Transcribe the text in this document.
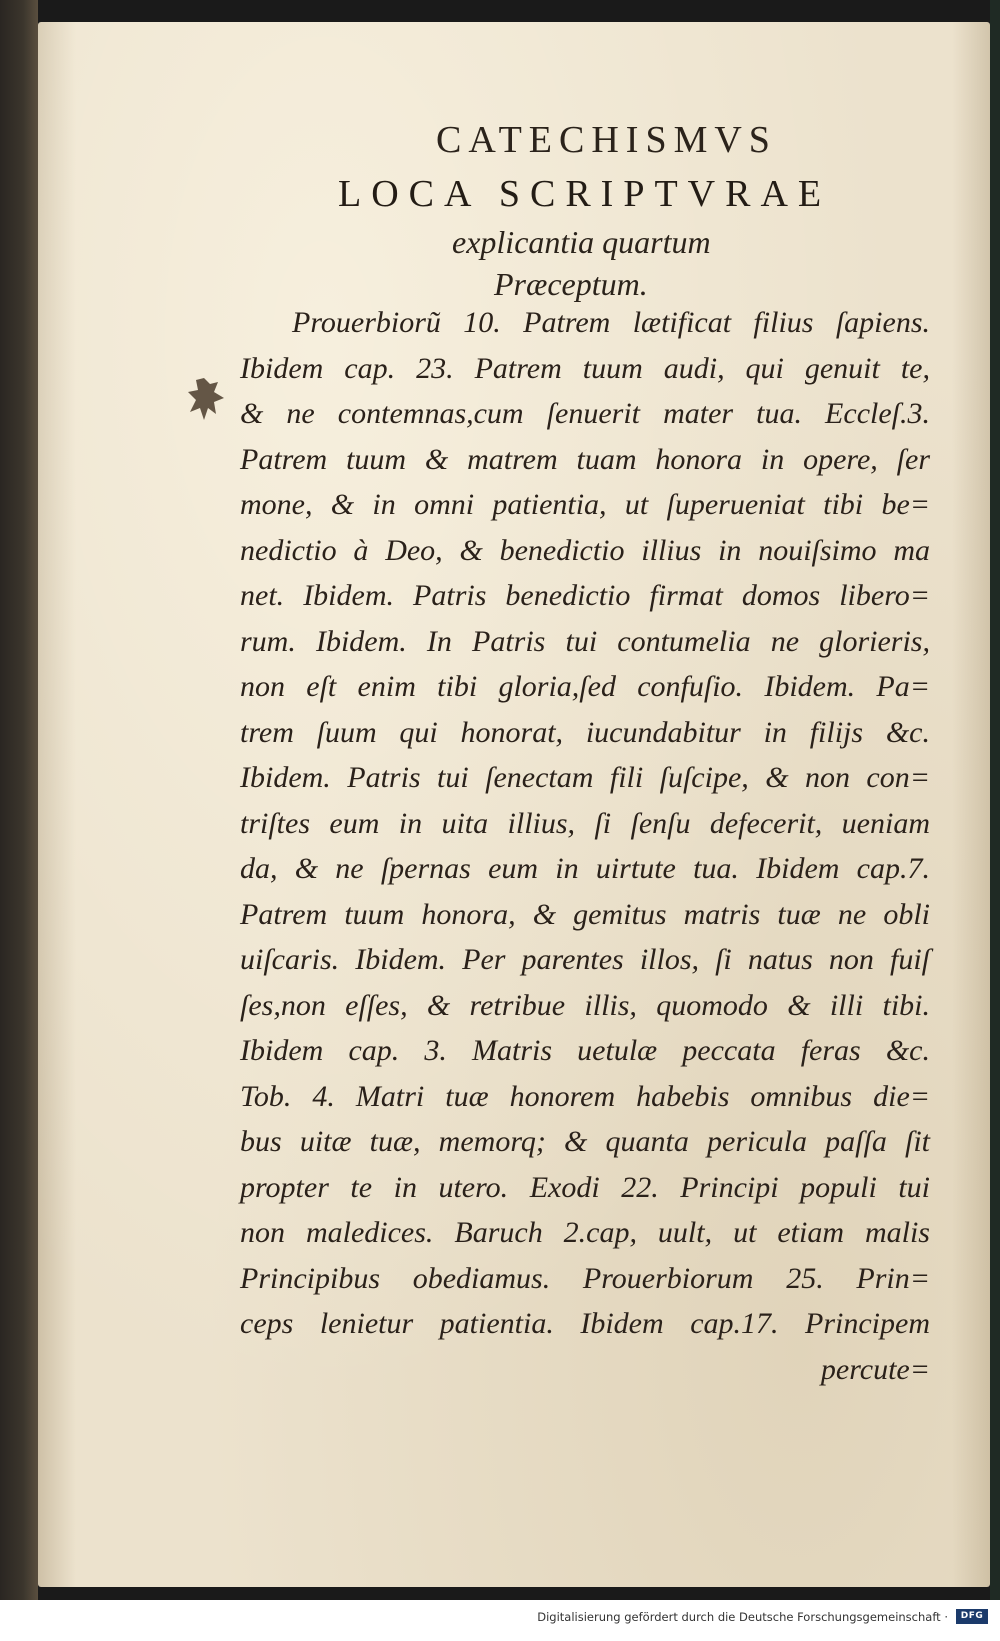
CATECHISMVS
LOCA SCRIPTVRAE
explicantia quartum
Præceptum.
Prouerbiorũ 10. Patrem lætificat filius ſapiens.
Ibidem cap. 23. Patrem tuum audi, qui genuit te,
& ne contemnas,cum ſenuerit mater tua. Eccleſ.3.
Patrem tuum & matrem tuam honora in opere, ſer
mone, & in omni patientia, ut ſuperueniat tibi be=
nedictio à Deo, & benedictio illius in nouiſsimo ma
net. Ibidem. Patris benedictio firmat domos libero=
rum. Ibidem. In Patris tui contumelia ne glorieris,
non eſt enim tibi gloria,ſed confuſio. Ibidem. Pa=
trem ſuum qui honorat, iucundabitur in filijs &c.
Ibidem. Patris tui ſenectam fili ſuſcipe, & non con=
triſtes eum in uita illius, ſi ſenſu defecerit, ueniam
da, & ne ſpernas eum in uirtute tua. Ibidem cap.7.
Patrem tuum honora, & gemitus matris tuæ ne obli
uiſcaris. Ibidem. Per parentes illos, ſi natus non fuiſ
ſes,non eſſes, & retribue illis, quomodo & illi tibi.
Ibidem cap. 3. Matris uetulæ peccata feras &c.
Tob. 4. Matri tuæ honorem habebis omnibus die=
bus uitæ tuæ, memorq; & quanta pericula paſſa ſit
propter te in utero. Exodi 22. Principi populi tui
non maledices. Baruch 2.cap, uult, ut etiam malis
Principibus obediamus. Prouerbiorum 25. Prin=
ceps lenietur patientia. Ibidem cap.17. Principem
percute=
Digitalisierung gefördert durch die Deutsche Forschungsgemeinschaft ·	DFG
